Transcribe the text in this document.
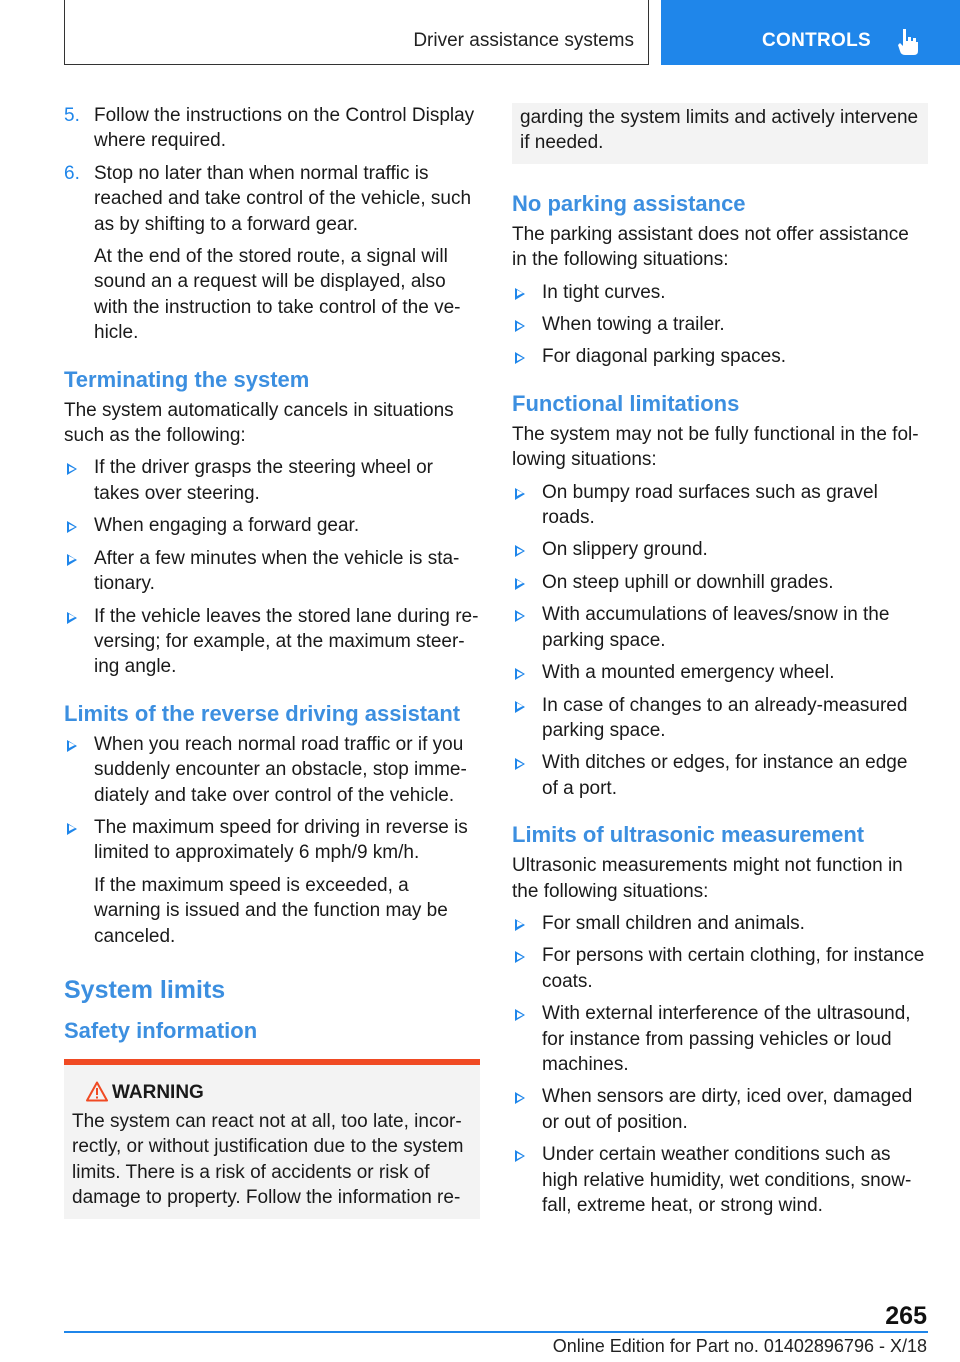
Driver assistance systems	CONTROLS
5. Follow the instructions on the Control Display where required.
6. Stop no later than when normal traffic is reached and take control of the vehicle, such as by shifting to a forward gear.

At the end of the stored route, a signal will sound an a request will be displayed, also with the instruction to take control of the ve‐hicle.

Terminating the system

The system automatically cancels in situations such as the following:

If the driver grasps the steering wheel or takes over steering.
When engaging a forward gear.
After a few minutes when the vehicle is sta‐tionary.
If the vehicle leaves the stored lane during re‐versing; for example, at the maximum steer‐ing angle.
Limits of the reverse driving assistant
When you reach normal road traffic or if you suddenly encounter an obstacle, stop imme‐diately and take over control of the vehicle.
The maximum speed for driving in reverse is limited to approximately 6 mph/9 km/h.

If the maximum speed is exceeded, a warning is issued and the function may be canceled.

System limits
Safety information
WARNING
The system can react not at all, too late, incor‐rectly, or without justification due to the system limits. There is a risk of accidents or risk of damage to property. Follow the information re‐
garding the system limits and actively intervene if needed.
No parking assistance

The parking assistant does not offer assistance in the following situations:

In tight curves.
When towing a trailer.
For diagonal parking spaces.
Functional limitations

The system may not be fully functional in the fol‐lowing situations:

On bumpy road surfaces such as gravel roads.
On slippery ground.
On steep uphill or downhill grades.
With accumulations of leaves/snow in the parking space.
With a mounted emergency wheel.
In case of changes to an already-measured parking space.
With ditches or edges, for instance an edge of a port.
Limits of ultrasonic measurement

Ultrasonic measurements might not function in the following situations:

For small children and animals.
For persons with certain clothing, for instance coats.
With external interference of the ultrasound, for instance from passing vehicles or loud machines.
When sensors are dirty, iced over, damaged or out of position.
Under certain weather conditions such as high relative humidity, wet conditions, snow‐fall, extreme heat, or strong wind.
265
Online Edition for Part no. 01402896796 - X/18
